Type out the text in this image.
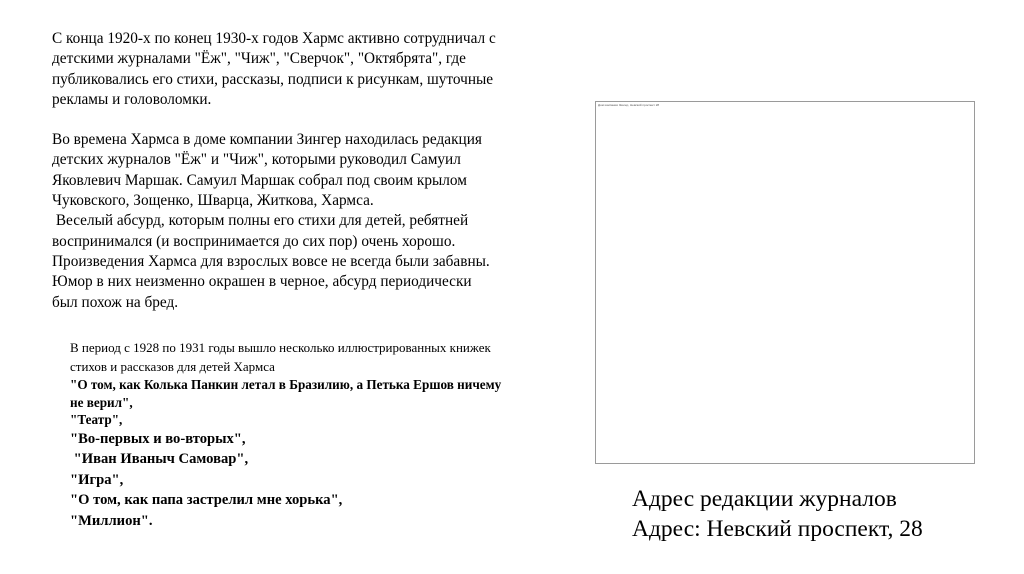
С конца 1920-х по конец 1930-х годов Хармс активно сотрудничал с

детскими журналами "Ёж", "Чиж", "Сверчок", "Октябрята", где

публиковались его стихи, рассказы, подписи к рисункам, шуточные

рекламы и головоломки.

Во времена Хармса в доме компании Зингер находилась редакция

детских журналов "Ёж" и "Чиж", которыми руководил Самуил

Яковлевич Маршак. Самуил Маршак собрал под своим крылом

Чуковского, Зощенко, Шварца, Житкова, Хармса.

Веселый абсурд, которым полны его стихи для детей, ребятней

воспринимался (и воспринимается до сих пор) очень хорошо.

Произведения Хармса для взрослых вовсе не всегда были забавны.

Юмор в них неизменно окрашен в черное, абсурд периодически

был похож на бред.

В период с 1928 по 1931 годы вышло несколько иллюстрированных книжек

стихов и рассказов для детей Хармса

"О том, как Колька Панкин летал в Бразилию, а Петька Ершов ничему

не верил",

"Театр",

"Во-первых и во-вторых",

"Иван Иваныч Самовар",

"Игра",

"О том, как папа застрелил мне хорька",

"Миллион".

Дом компании Зингер, Невский проспект 28

Адрес редакции журналов

Адрес: Невский проспект, 28
